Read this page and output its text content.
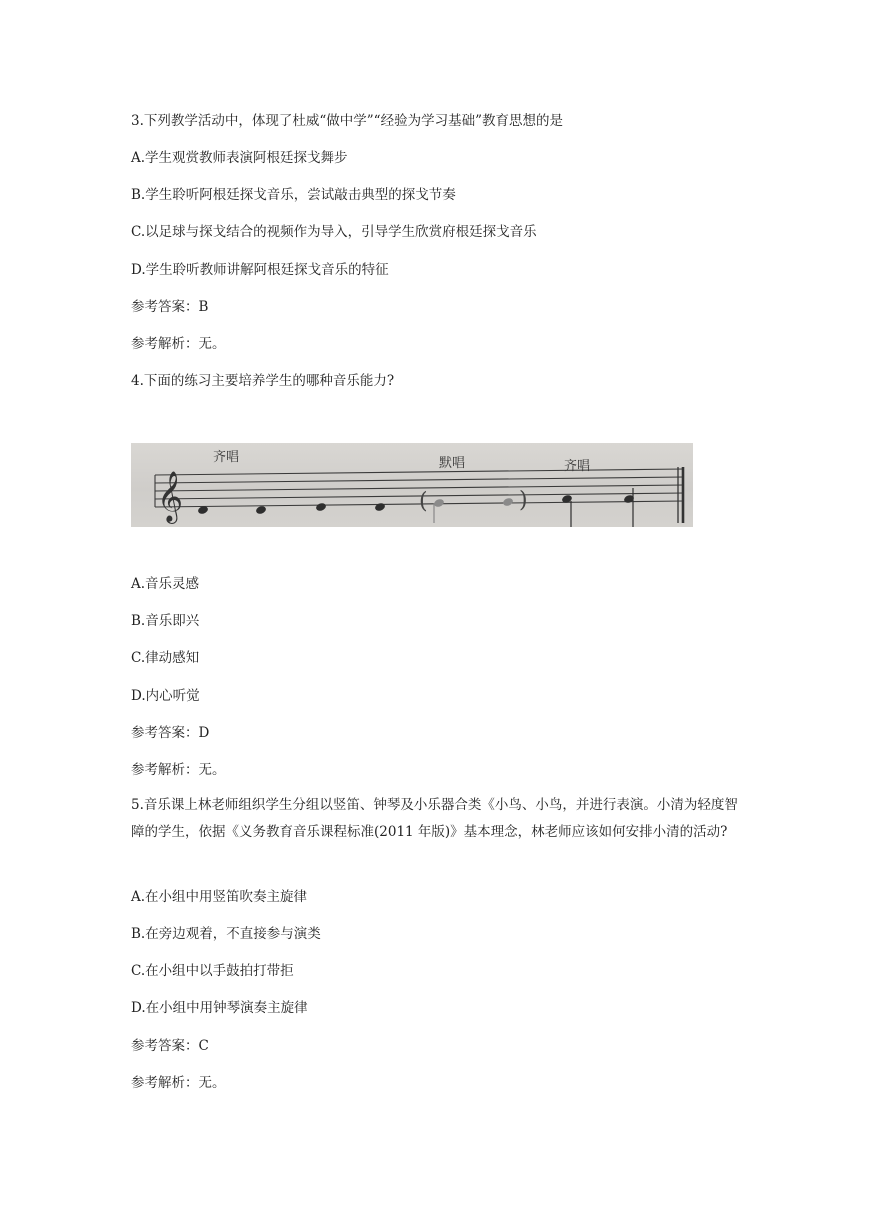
3.下列教学活动中，体现了杜威“做中学”“经验为学习基础”教育思想的是
A.学生观赏教师表演阿根廷探戈舞步
B.学生聆听阿根廷探戈音乐，尝试敲击典型的探戈节奏
C.以足球与探戈结合的视频作为导入，引导学生欣赏府根廷探戈音乐
D.学生聆听教师讲解阿根廷探戈音乐的特征
参考答案：B
参考解析：无。
4.下面的练习主要培养学生的哪种音乐能力?
𝄞
齐唱	默唱	齐唱
(	)
A.音乐灵感
B.音乐即兴
C.律动感知
D.内心听觉
参考答案：D
参考解析：无。
5.音乐课上林老师组织学生分组以竖笛、钟琴及小乐器合类《小鸟、小鸟，并进行表演。小清为轻度智障的学生，依据《义务教育音乐课程标准(2011 年版)》基本理念，林老师应该如何安排小清的活动?
A.在小组中用竖笛吹奏主旋律
B.在旁边观着，不直接参与演类
C.在小组中以手鼓拍打带拒
D.在小组中用钟琴演奏主旋律
参考答案：C
参考解析：无。
